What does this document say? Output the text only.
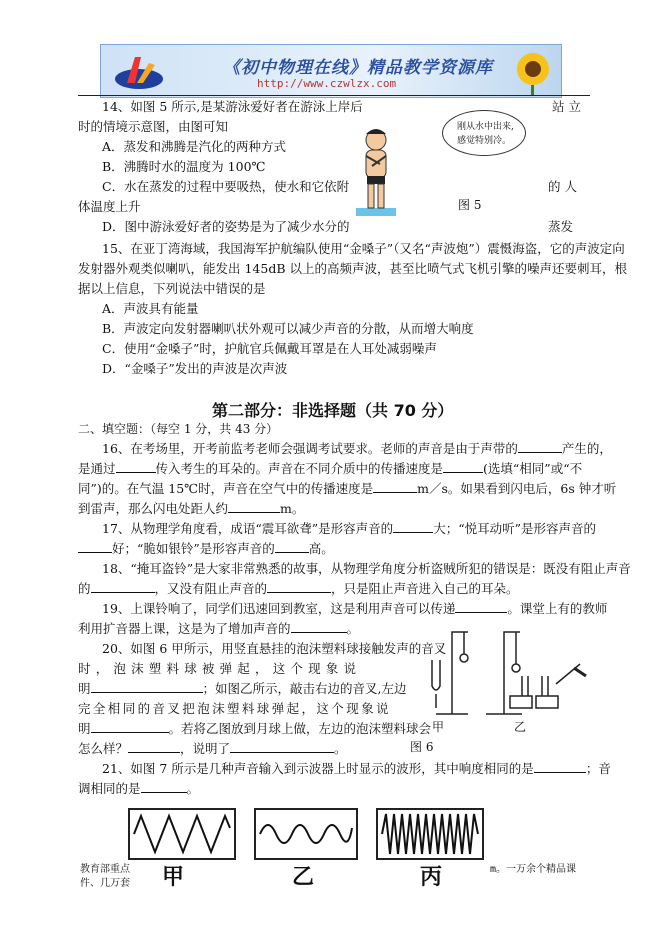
《初中物理在线》精品教学资源库
http://www.czwlzx.com
14、如图 5 所示,是某游泳爱好者在游泳上岸后	站 立
时的情境示意图，由图可知
A．蒸发和沸腾是汽化的两种方式
B．沸腾时水的温度为 100℃
C．水在蒸发的过程中要吸热，使水和它依附	的 人
体温度上升
D．图中游泳爱好者的姿势是为了减少水分的	蒸发
刚从水中出来,
感觉特别冷。
图 5
15、在亚丁湾海域，我国海军护航编队使用“金嗓子”（又名“声波炮”）震慑海盗，它的声波定向
发射器外观类似喇叭，能发出 145dB 以上的高频声波，甚至比喷气式飞机引擎的噪声还要刺耳，根
据以上信息，下列说法中错误的是
A．声波具有能量
B．声波定向发射器喇叭状外观可以减少声音的分散，从而增大响度
C．使用“金嗓子”时，护航官兵佩戴耳罩是在人耳处减弱噪声
D．“金嗓子”发出的声波是次声波
第二部分：非选择题（共 70 分）
二、填空题：（每空 1 分，共 43 分）
16、在考场里，开考前监考老师会强调考试要求。老师的声音是由于声带的	产生的，
是通过	传入考生的耳朵的。声音在不同介质中的传播速度是	(选填“相同”或“不
同”)的。在气温 15℃时，声音在空气中的传播速度是	m／s。如果看到闪电后，6s 钟才听
到雷声，那么闪电处距人约	m。
17、从物理学角度看，成语“震耳欲聋”是形容声音的	大；“悦耳动听”是形容声音的
好；“脆如银铃”是形容声音的	高。
18、“掩耳盗铃”是大家非常熟悉的故事，从物理学角度分析盗贼所犯的错误是：既没有阻止声音
的	，又没有阻止声音的	，只是阻止声音进入自己的耳朵。
19、上课铃响了，同学们迅速回到教室，这是利用声音可以传递	。课堂上有的教师
利用扩音器上课，这是为了增加声音的	。
20、如图 6 甲所示，用竖直悬挂的泡沫塑料球接触发声的音叉
时，泡沫塑料球被弹起，这个现象说
明	；如图乙所示，敲击右边的音叉,左边
完全相同的音叉把泡沫塑料球弹起，这个现象说
明	。若将乙图放到月球上做，左边的泡沫塑料球会
怎么样？	，说明了	。
甲	乙
图 6
21、如图 7 所示是几种声音输入到示波器上时显示的波形，其中响度相同的是	；音
调相同的是	。
甲	乙	丙
教育部重点
件、几万套
m。一万余个精品课
